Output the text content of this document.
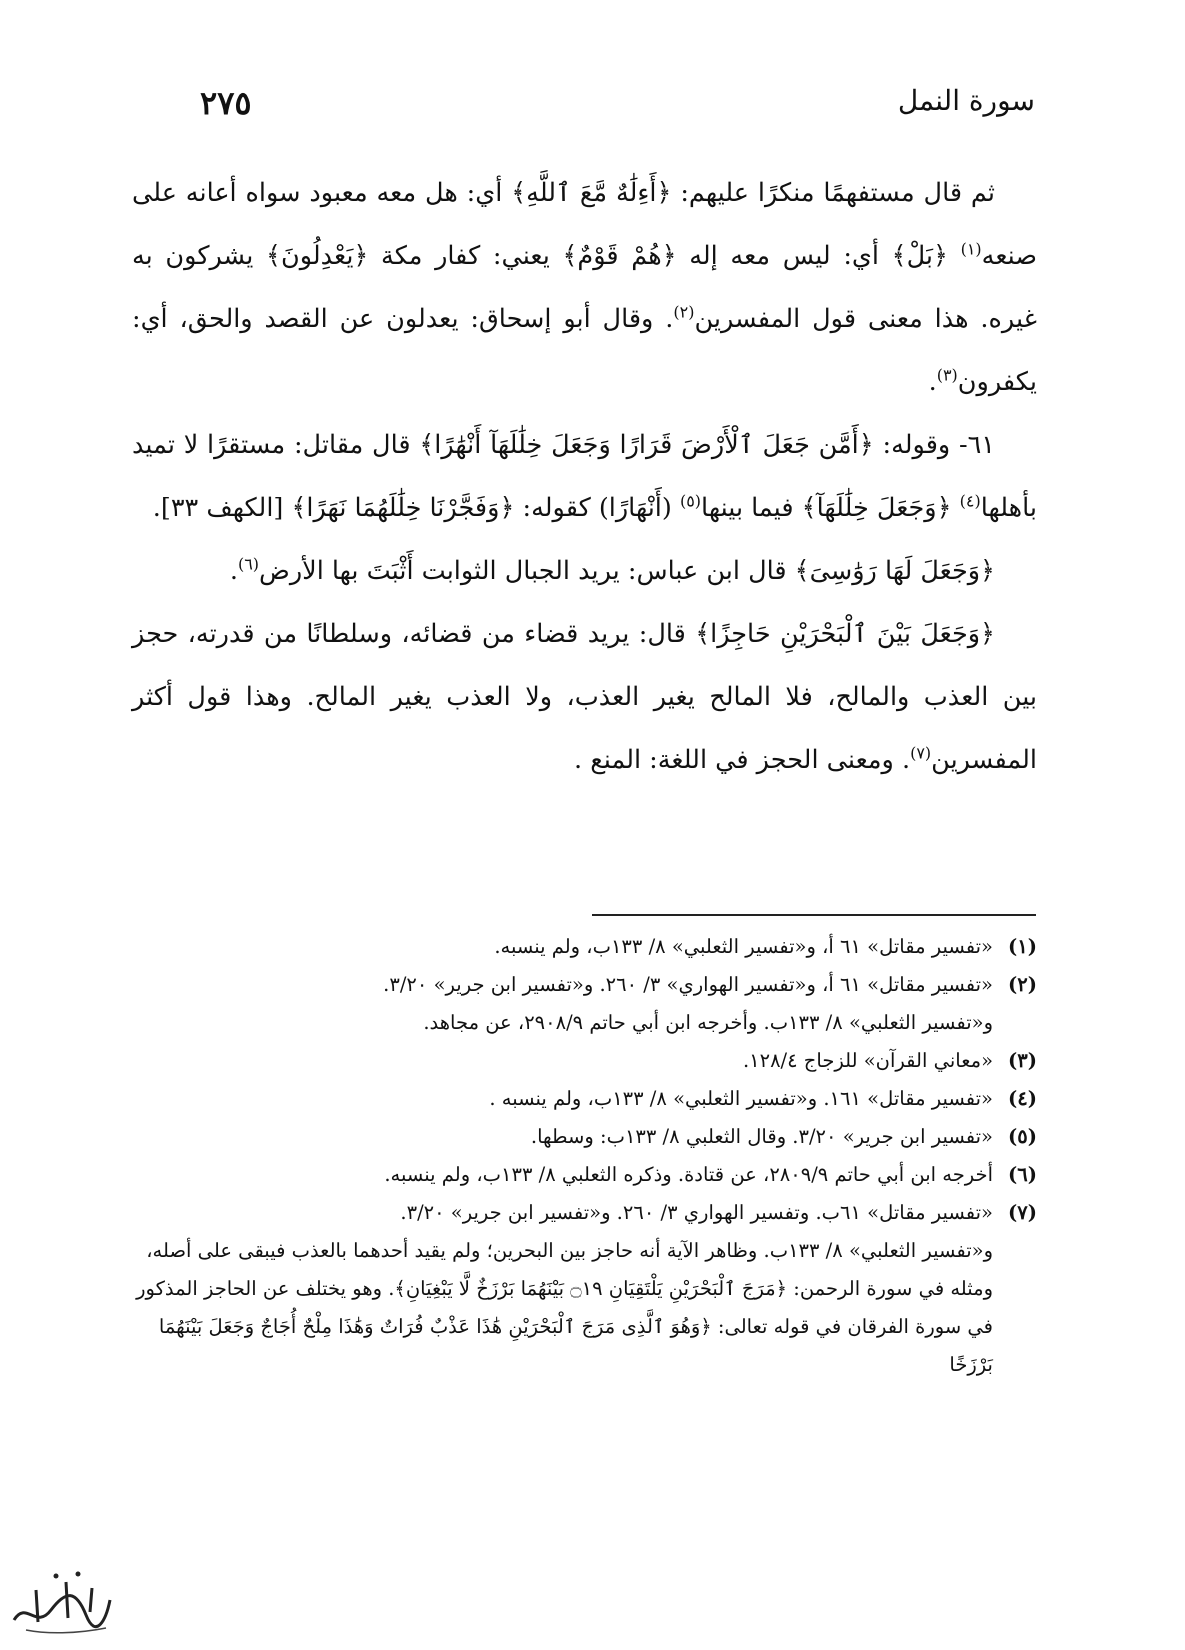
سورة النمل
٢٧٥

ثم قال مستفهمًا منكرًا عليهم: ﴿أَءِلَٰهٌ مَّعَ ٱللَّهِ﴾ أي: هل معه معبود سواه أعانه على صنعه$^{(١)}$ ﴿بَلْ﴾ أي: ليس معه إله ﴿هُمْ قَوْمٌ﴾ يعني: كفار مكة ﴿يَعْدِلُونَ﴾ يشركون به غيره. هذا معنى قول المفسرين$^{(٢)}$. وقال أبو إسحاق: يعدلون عن القصد والحق، أي: يكفرون$^{(٣)}$.

٦١- وقوله: ﴿أَمَّن جَعَلَ ٱلْأَرْضَ قَرَارًا وَجَعَلَ خِلَٰلَهَآ أَنْهَٰرًا﴾ قال مقاتل: مستقرًا لا تميد بأهلها$^{(٤)}$ ﴿وَجَعَلَ خِلَٰلَهَآ﴾ فيما بينها$^{(٥)}$ (أَنْهَارًا) كقوله: ﴿وَفَجَّرْنَا خِلَٰلَهُمَا نَهَرًا﴾ [الكهف ٣٣].

﴿وَجَعَلَ لَهَا رَوَٰسِىَ﴾ قال ابن عباس: يريد الجبال الثوابت أَثْبَتَ بها الأرض$^{(٦)}$.

﴿وَجَعَلَ بَيْنَ ٱلْبَحْرَيْنِ حَاجِزًا﴾ قال: يريد قضاء من قضائه، وسلطانًا من قدرته، حجز بين العذب والمالح، فلا المالح يغير العذب، ولا العذب يغير المالح. وهذا قول أكثر المفسرين$^{(٧)}$. ومعنى الحجز في اللغة: المنع .

(١)
«تفسير مقاتل» ٦١ أ، و«تفسير الثعلبي» ٨/ ١٣٣ب، ولم ينسبه.
(٢)
«تفسير مقاتل» ٦١ أ، و«تفسير الهواري» ٣/ ٢٦٠. و«تفسير ابن جرير» ٣/٢٠.
و«تفسير الثعلبي» ٨/ ١٣٣ب. وأخرجه ابن أبي حاتم ٢٩٠٨/٩، عن مجاهد.
(٣)
«معاني القرآن» للزجاج ١٢٨/٤.
(٤)
«تفسير مقاتل» ١٦١. و«تفسير الثعلبي» ٨/ ١٣٣ب، ولم ينسبه .
(٥)
«تفسير ابن جرير» ٣/٢٠. وقال الثعلبي ٨/ ١٣٣ب: وسطها.
(٦)
أخرجه ابن أبي حاتم ٢٨٠٩/٩، عن قتادة. وذكره الثعلبي ٨/ ١٣٣ب، ولم ينسبه.
(٧)
«تفسير مقاتل» ٦١ب. وتفسير الهواري ٣/ ٢٦٠. و«تفسير ابن جرير» ٣/٢٠.
و«تفسير الثعلبي» ٨/ ١٣٣ب. وظاهر الآية أنه حاجز بين البحرين؛ ولم يقيد أحدهما بالعذب فيبقى على أصله، ومثله في سورة الرحمن: ﴿مَرَجَ ٱلْبَحْرَيْنِ يَلْتَقِيَانِ ۝١٩ بَيْنَهُمَا بَرْزَخٌ لَّا يَبْغِيَانِ﴾. وهو يختلف عن الحاجز المذكور في سورة الفرقان في قوله تعالى: ﴿وَهُوَ ٱلَّذِى مَرَجَ ٱلْبَحْرَيْنِ هَٰذَا عَذْبٌ فُرَاتٌ وَهَٰذَا مِلْحٌ أُجَاجٌ وَجَعَلَ بَيْنَهُمَا بَرْزَخًا
